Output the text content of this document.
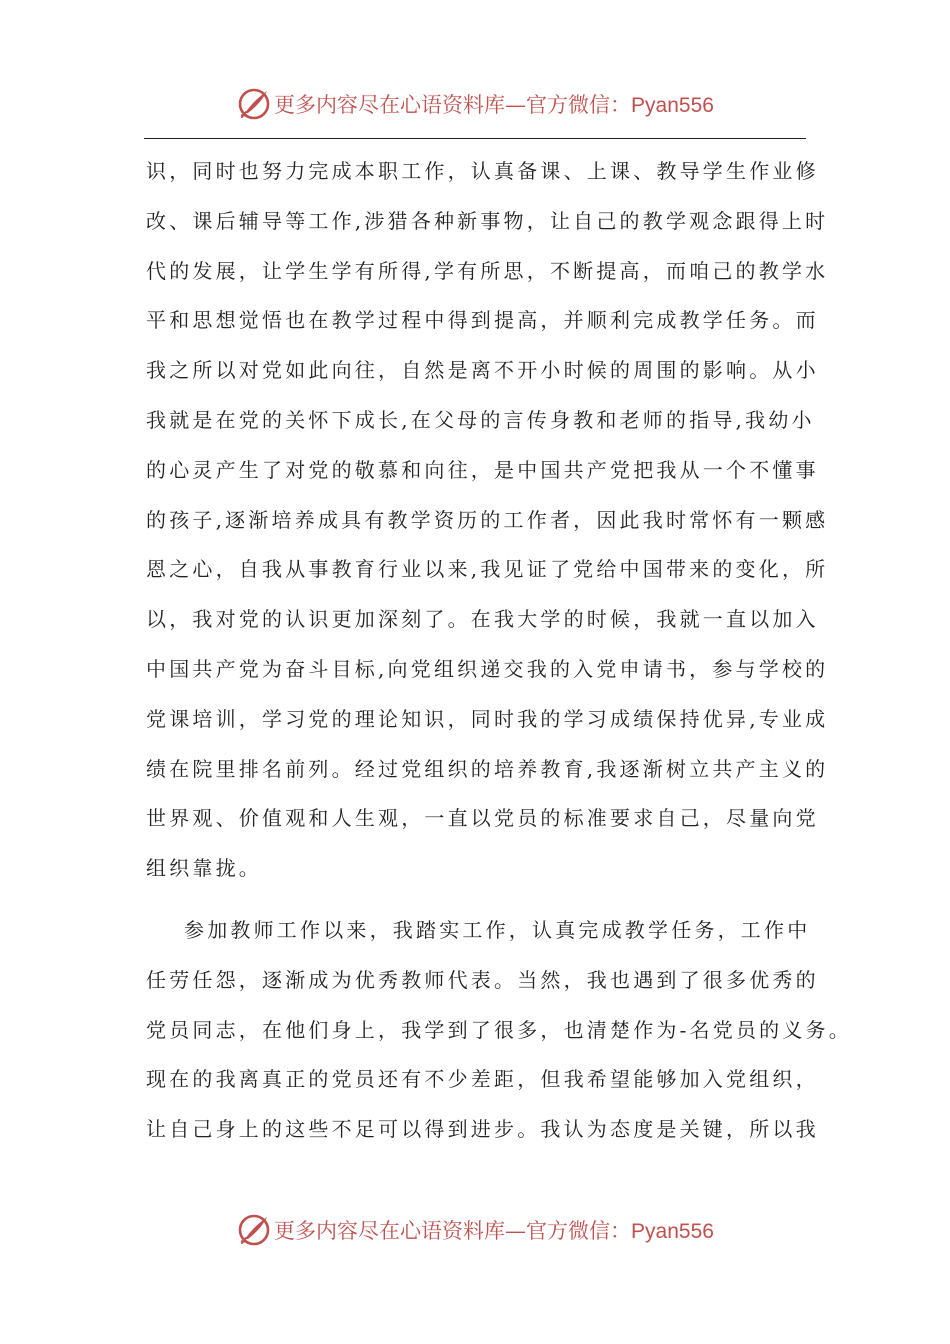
更多内容尽在心语资料库—官方微信：Pyan556

识，同时也努力完成本职工作，认真备课、上课、教导学生作业修
改、课后辅导等工作,涉猎各种新事物，让自己的教学观念跟得上时
代的发展，让学生学有所得,学有所思，不断提高，而咱己的教学水
平和思想觉悟也在教学过程中得到提高，并顺利完成教学任务。而
我之所以对党如此向往，自然是离不开小时候的周围的影响。从小
我就是在党的关怀下成长,在父母的言传身教和老师的指导,我幼小
的心灵产生了对党的敬慕和向往，是中国共产党把我从一个不懂事
的孩子,逐渐培养成具有教学资历的工作者，因此我时常怀有一颗感
恩之心，自我从事教育行业以来,我见证了党给中国带来的变化，所
以，我对党的认识更加深刻了。在我大学的时候，我就一直以加入
中国共产党为奋斗目标,向党组织递交我的入党申请书，参与学校的
党课培训，学习党的理论知识，同时我的学习成绩保持优异,专业成
绩在院里排名前列。经过党组织的培养教育,我逐渐树立共产主义的
世界观、价值观和人生观，一直以党员的标准要求自己，尽量向党
组织靠拢。

参加教师工作以来，我踏实工作，认真完成教学任务，工作中
任劳任怨，逐渐成为优秀教师代表。当然，我也遇到了很多优秀的
党员同志，在他们身上，我学到了很多，也清楚作为-名党员的义务。
现在的我离真正的党员还有不少差距，但我希望能够加入党组织，
让自己身上的这些不足可以得到进步。我认为态度是关键，所以我

更多内容尽在心语资料库—官方微信：Pyan556
